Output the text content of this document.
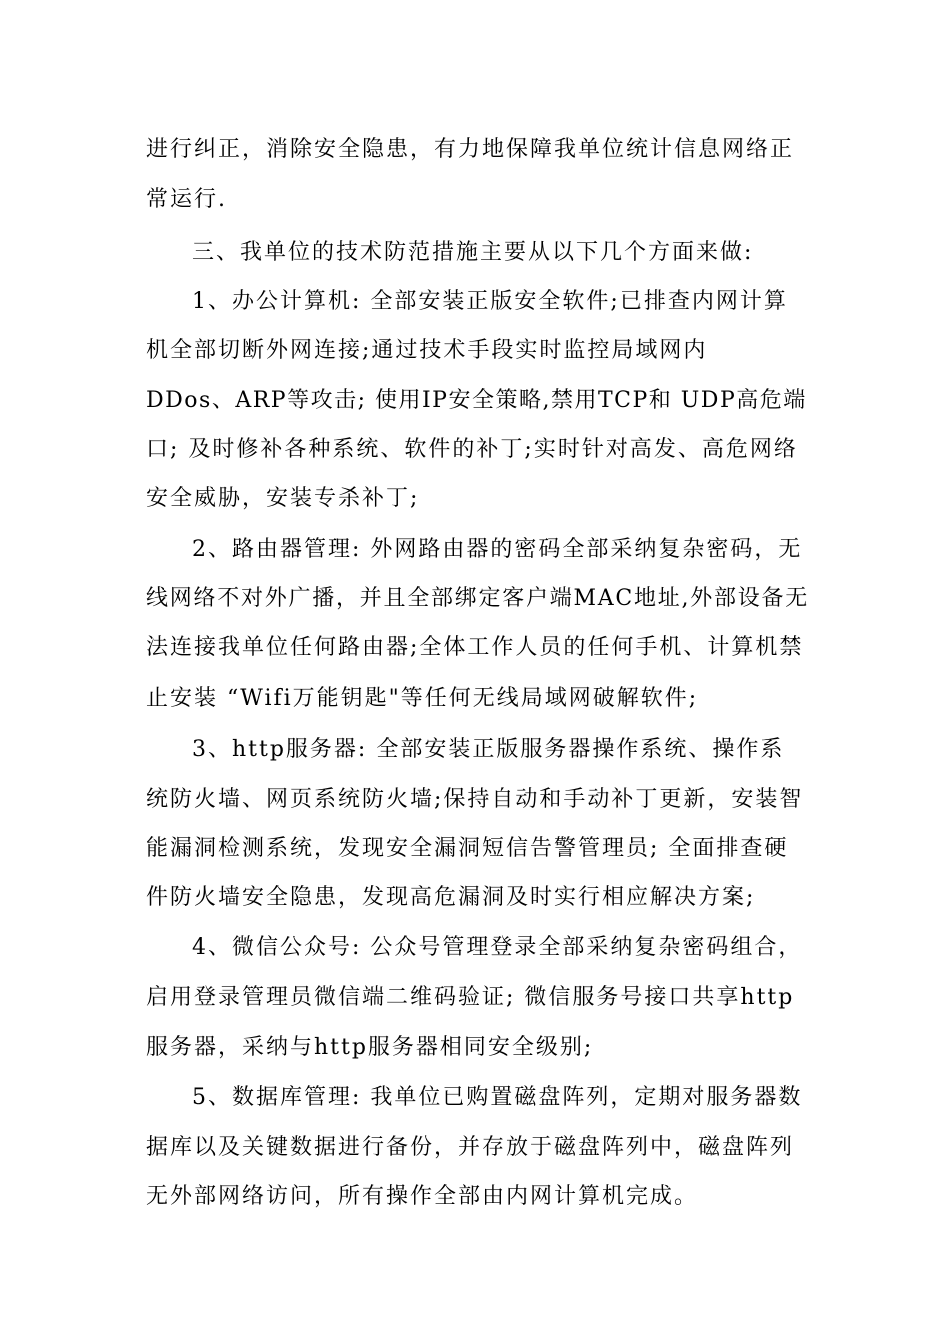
进行纠正，消除安全隐患，有力地保障我单位统计信息网络正
常运行.
三、我单位的技术防范措施主要从以下几个方面来做:
1、办公计算机: 全部安装正版安全软件;已排查内网计算
机全部切断外网连接;通过技术手段实时监控局域网内
DDos、ARP等攻击; 使用IP安全策略,禁用TCP和 UDP高危端
口; 及时修补各种系统、软件的补丁;实时针对高发、高危网络
安全威胁，安装专杀补丁;
2、路由器管理: 外网路由器的密码全部采纳复杂密码，无
线网络不对外广播，并且全部绑定客户端MAC地址,外部设备无
法连接我单位任何路由器;全体工作人员的任何手机、计算机禁
止安装 “Wifi万能钥匙"等任何无线局域网破解软件;
3、http服务器: 全部安装正版服务器操作系统、操作系
统防火墙、网页系统防火墙;保持自动和手动补丁更新，安装智
能漏洞检测系统，发现安全漏洞短信告警管理员; 全面排查硬
件防火墙安全隐患，发现高危漏洞及时实行相应解决方案;
4、微信公众号: 公众号管理登录全部采纳复杂密码组合，
启用登录管理员微信端二维码验证; 微信服务号接口共享http
服务器，采纳与http服务器相同安全级别;
5、数据库管理: 我单位已购置磁盘阵列，定期对服务器数
据库以及关键数据进行备份，并存放于磁盘阵列中，磁盘阵列
无外部网络访问，所有操作全部由内网计算机完成。
